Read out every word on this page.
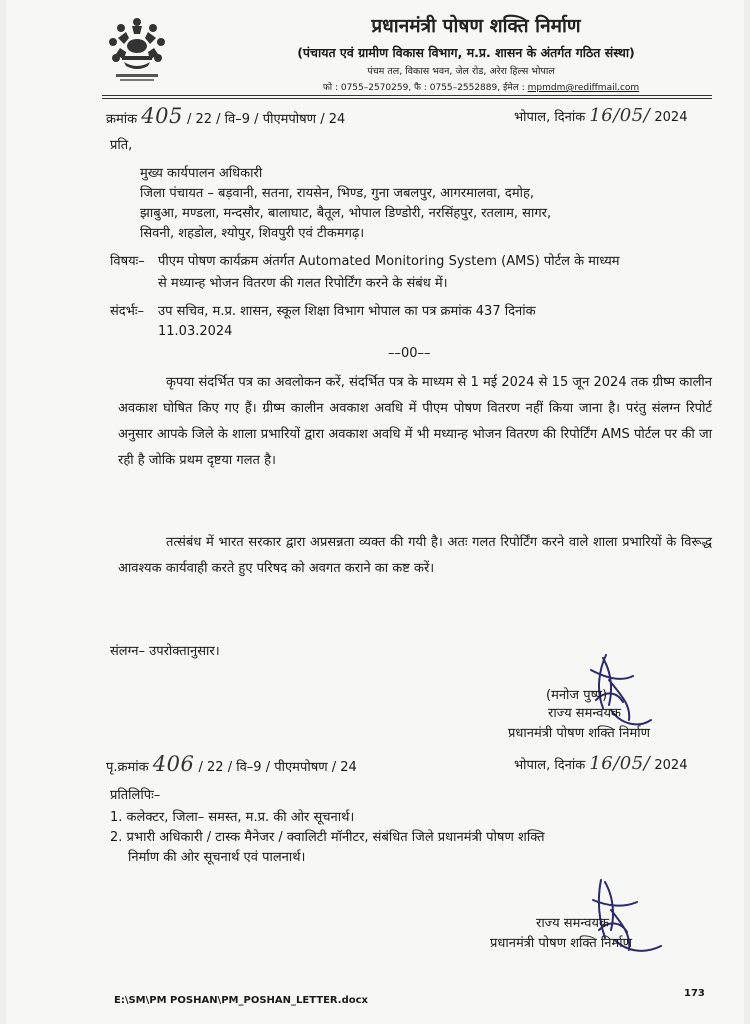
प्रधानमंत्री पोषण शक्ति निर्माण
(पंचायत एवं ग्रामीण विकास विभाग, म.प्र. शासन के अंतर्गत गठित संस्था)
पंचम तल, विकास भवन, जेल रोड, अरेरा हिल्स भोपाल
फो : 0755–2570259, फै : 0755–2552889, ईमेल : mpmdm@rediffmail.com
क्रमांक 405 / 22 / वि–9 / पीएमपोषण / 24	भोपाल, दिनांक 16/05/ 2024
प्रति,
मुख्य कार्यपालन अधिकारी
जिला पंचायत – बड़वानी, सतना, रायसेन, भिण्ड, गुना जबलपुर, आगरमालवा, दमोह,
झाबुआ, मण्डला, मन्दसौर, बालाघाट, बैतूल, भोपाल डिण्डोरी, नरसिंहपुर, रतलाम, सागर,
सिवनी, शहडोल, श्योपुर, शिवपुरी एवं टीकमगढ़।
विषयः– पीएम पोषण कार्यक्रम अंतर्गत Automated Monitoring System (AMS) पोर्टल के माध्यम
से मध्यान्ह भोजन वितरण की गलत रिपोर्टिंग करने के संबंध में।
संदर्भः– उप सचिव, म.प्र. शासन, स्कूल शिक्षा विभाग भोपाल का पत्र क्रमांक 437 दिनांक
11.03.2024
––00––
कृपया संदर्भित पत्र का अवलोकन करें, संदर्भित पत्र के माध्यम से 1 मई 2024 से 15 जून 2024 तक ग्रीष्म कालीन अवकाश घोषित किए गए हैं। ग्रीष्म कालीन अवकाश अवधि में पीएम पोषण वितरण नहीं किया जाना है। परंतु संलग्न रिपोर्ट अनुसार आपके जिले के शाला प्रभारियों द्वारा अवकाश अवधि में भी मध्यान्ह भोजन वितरण की रिपोर्टिंग AMS पोर्टल पर की जा रही है जोकि प्रथम दृष्टया गलत है।
तत्संबंध में भारत सरकार द्वारा अप्रसन्नता व्यक्त की गयी है। अतः गलत रिपोर्टिंग करने वाले शाला प्रभारियों के विरूद्ध आवश्यक कार्यवाही करते हुए परिषद को अवगत कराने का कष्ट करें।
संलग्न– उपरोक्तानुसार।
(मनोज पुष्प)
राज्य समन्वयक
प्रधानमंत्री पोषण शक्ति निर्माण
पृ.क्रमांक 406 / 22 / वि–9 / पीएमपोषण / 24	भोपाल, दिनांक 16/05/ 2024
प्रतिलिपिः–
1. कलेक्टर, जिला– समस्त, म.प्र. की ओर सूचनार्थ।
2. प्रभारी अधिकारी / टास्क मैनेजर / क्वालिटी मॉनीटर, संबंधित जिले प्रधानमंत्री पोषण शक्ति
निर्माण की ओर सूचनार्थ एवं पालनार्थ।
राज्य समन्वयक
प्रधानमंत्री पोषण शक्ति निर्माण
173
E:\SM\PM POSHAN\PM_POSHAN_LETTER.docx
